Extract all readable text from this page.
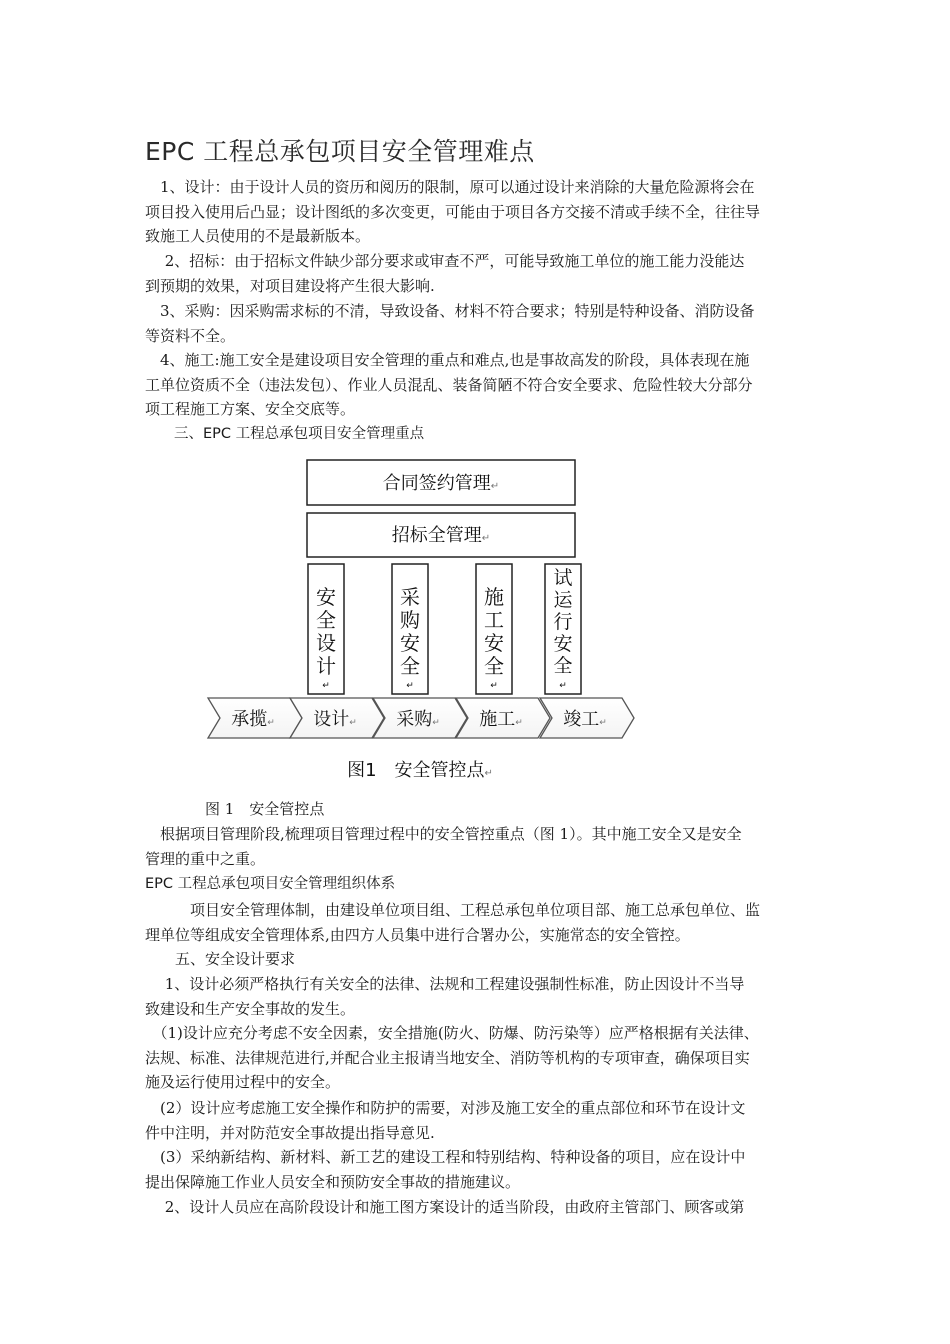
EPC 工程总承包项目安全管理难点
　1、设计：由于设计人员的资历和阅历的限制，原可以通过设计来消除的大量危险源将会在
项目投入使用后凸显；设计图纸的多次变更，可能由于项目各方交接不清或手续不全，往往导
致施工人员使用的不是最新版本。
　 2、招标：由于招标文件缺少部分要求或审查不严，可能导致施工单位的施工能力没能达
到预期的效果，对项目建设将产生很大影响.
　3、采购：因采购需求标的不清，导致设备、材料不符合要求；特别是特种设备、消防设备
等资料不全。
　4、施工:施工安全是建设项目安全管理的重点和难点,也是事故高发的阶段，具体表现在施
工单位资质不全（违法发包）、作业人员混乱、装备简陋不符合安全要求、危险性较大分部分
项工程施工方案、安全交底等。
　　三、EPC 工程总承包项目安全管理重点
合同签约管理↵
招标全管理↵
安
全
设
计
↵
采
购
安
全
↵
施
工
安
全
↵
试
运
行
安
全
↵
承揽↵ 设计↵ 采购↵ 施工↵ 竣工↵
图1　安全管控点↵
　　　　图 1　安全管控点
　根据项目管理阶段,梳理项目管理过程中的安全管控重点（图 1）。其中施工安全又是安全
管理的重中之重。
EPC 工程总承包项目安全管理组织体系
　　　项目安全管理体制，由建设单位项目组、工程总承包单位项目部、施工总承包单位、监
理单位等组成安全管理体系,由四方人员集中进行合署办公，实施常态的安全管控。
　　五、安全设计要求
　 1、设计必须严格执行有关安全的法律、法规和工程建设强制性标准，防止因设计不当导
致建设和生产安全事故的发生。
　（1)设计应充分考虑不安全因素，安全措施(防火、防爆、防污染等）应严格根据有关法律、
法规、标准、法律规范进行,并配合业主报请当地安全、消防等机构的专项审查，确保项目实
施及运行使用过程中的安全。
　(2）设计应考虑施工安全操作和防护的需要，对涉及施工安全的重点部位和环节在设计文
件中注明，并对防范安全事故提出指导意见.
　(3）采纳新结构、新材料、新工艺的建设工程和特别结构、特种设备的项目，应在设计中
提出保障施工作业人员安全和预防安全事故的措施建议。
　 2、设计人员应在高阶段设计和施工图方案设计的适当阶段，由政府主管部门、顾客或第
